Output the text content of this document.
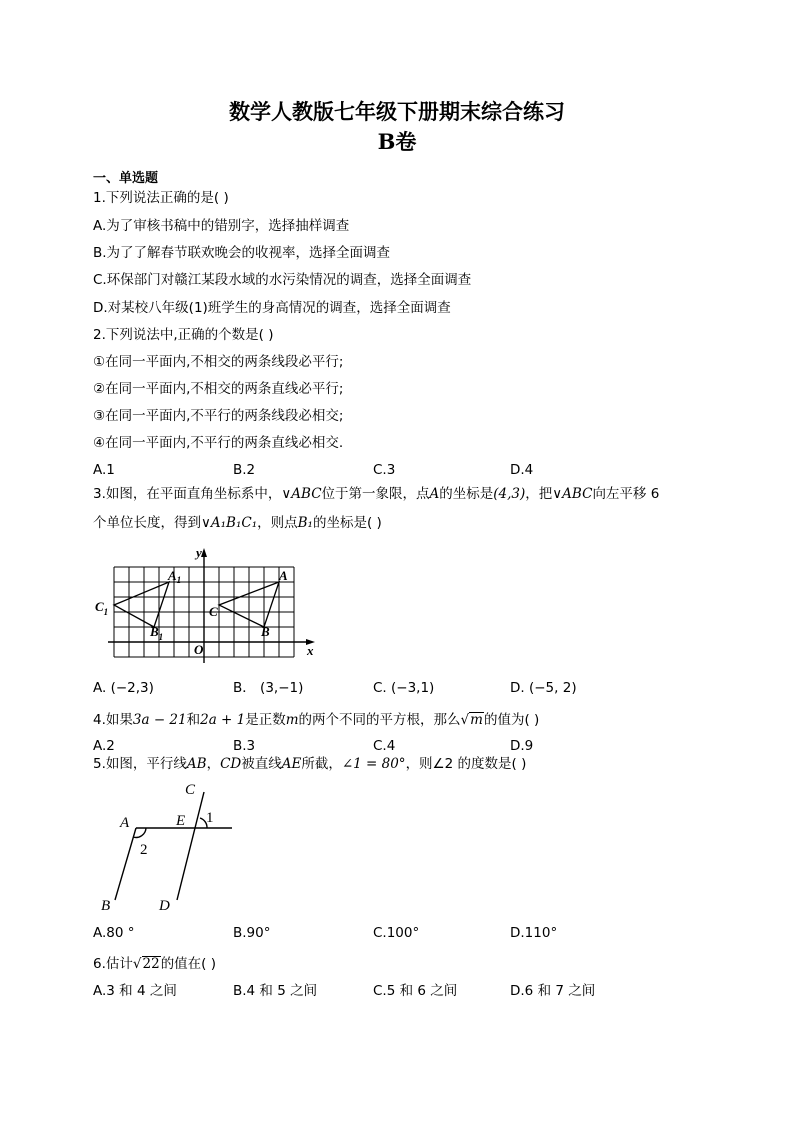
数学人教版七年级下册期末综合练习
B卷
一、单选题
1.下列说法正确的是( )
A.为了审核书稿中的错别字，选择抽样调查
B.为了了解春节联欢晚会的收视率，选择全面调查
C.环保部门对赣江某段水域的水污染情况的调查，选择全面调查
D.对某校八年级(1)班学生的身高情况的调查，选择全面调查
2.下列说法中,正确的个数是( )
①在同一平面内,不相交的两条线段必平行;
②在同一平面内,不相交的两条直线必平行;
③在同一平面内,不平行的两条线段必相交;
④在同一平面内,不平行的两条直线必相交.
A.1	B.2	C.3	D.4
3.如图，在平面直角坐标系中，∨ABC位于第一象限，点A的坐标是(4,3)，把∨ABC向左平移 6
个单位长度，得到∨A₁B₁C₁，则点B₁的坐标是( )
y
x
O
$A_1$	A
$C_1$	C
$B_1$	B
A. (−2,3)	B． (3,−1)	C. (−3,1)	D. (−5, 2)
4.如果3a − 21和2a + 1是正数m的两个不同的平方根，那么√m的值为( )
A.2	B.3	C.4	D.9
5.如图，平行线AB，CD被直线AE所截，∠1 = 80°，则∠2 的度数是( )
C
A	E
B	D
1
2
A.80 °	B.90°	C.100°	D.110°
6.估计√22的值在( )
A.3 和 4 之间	B.4 和 5 之间	C.5 和 6 之间	D.6 和 7 之间
